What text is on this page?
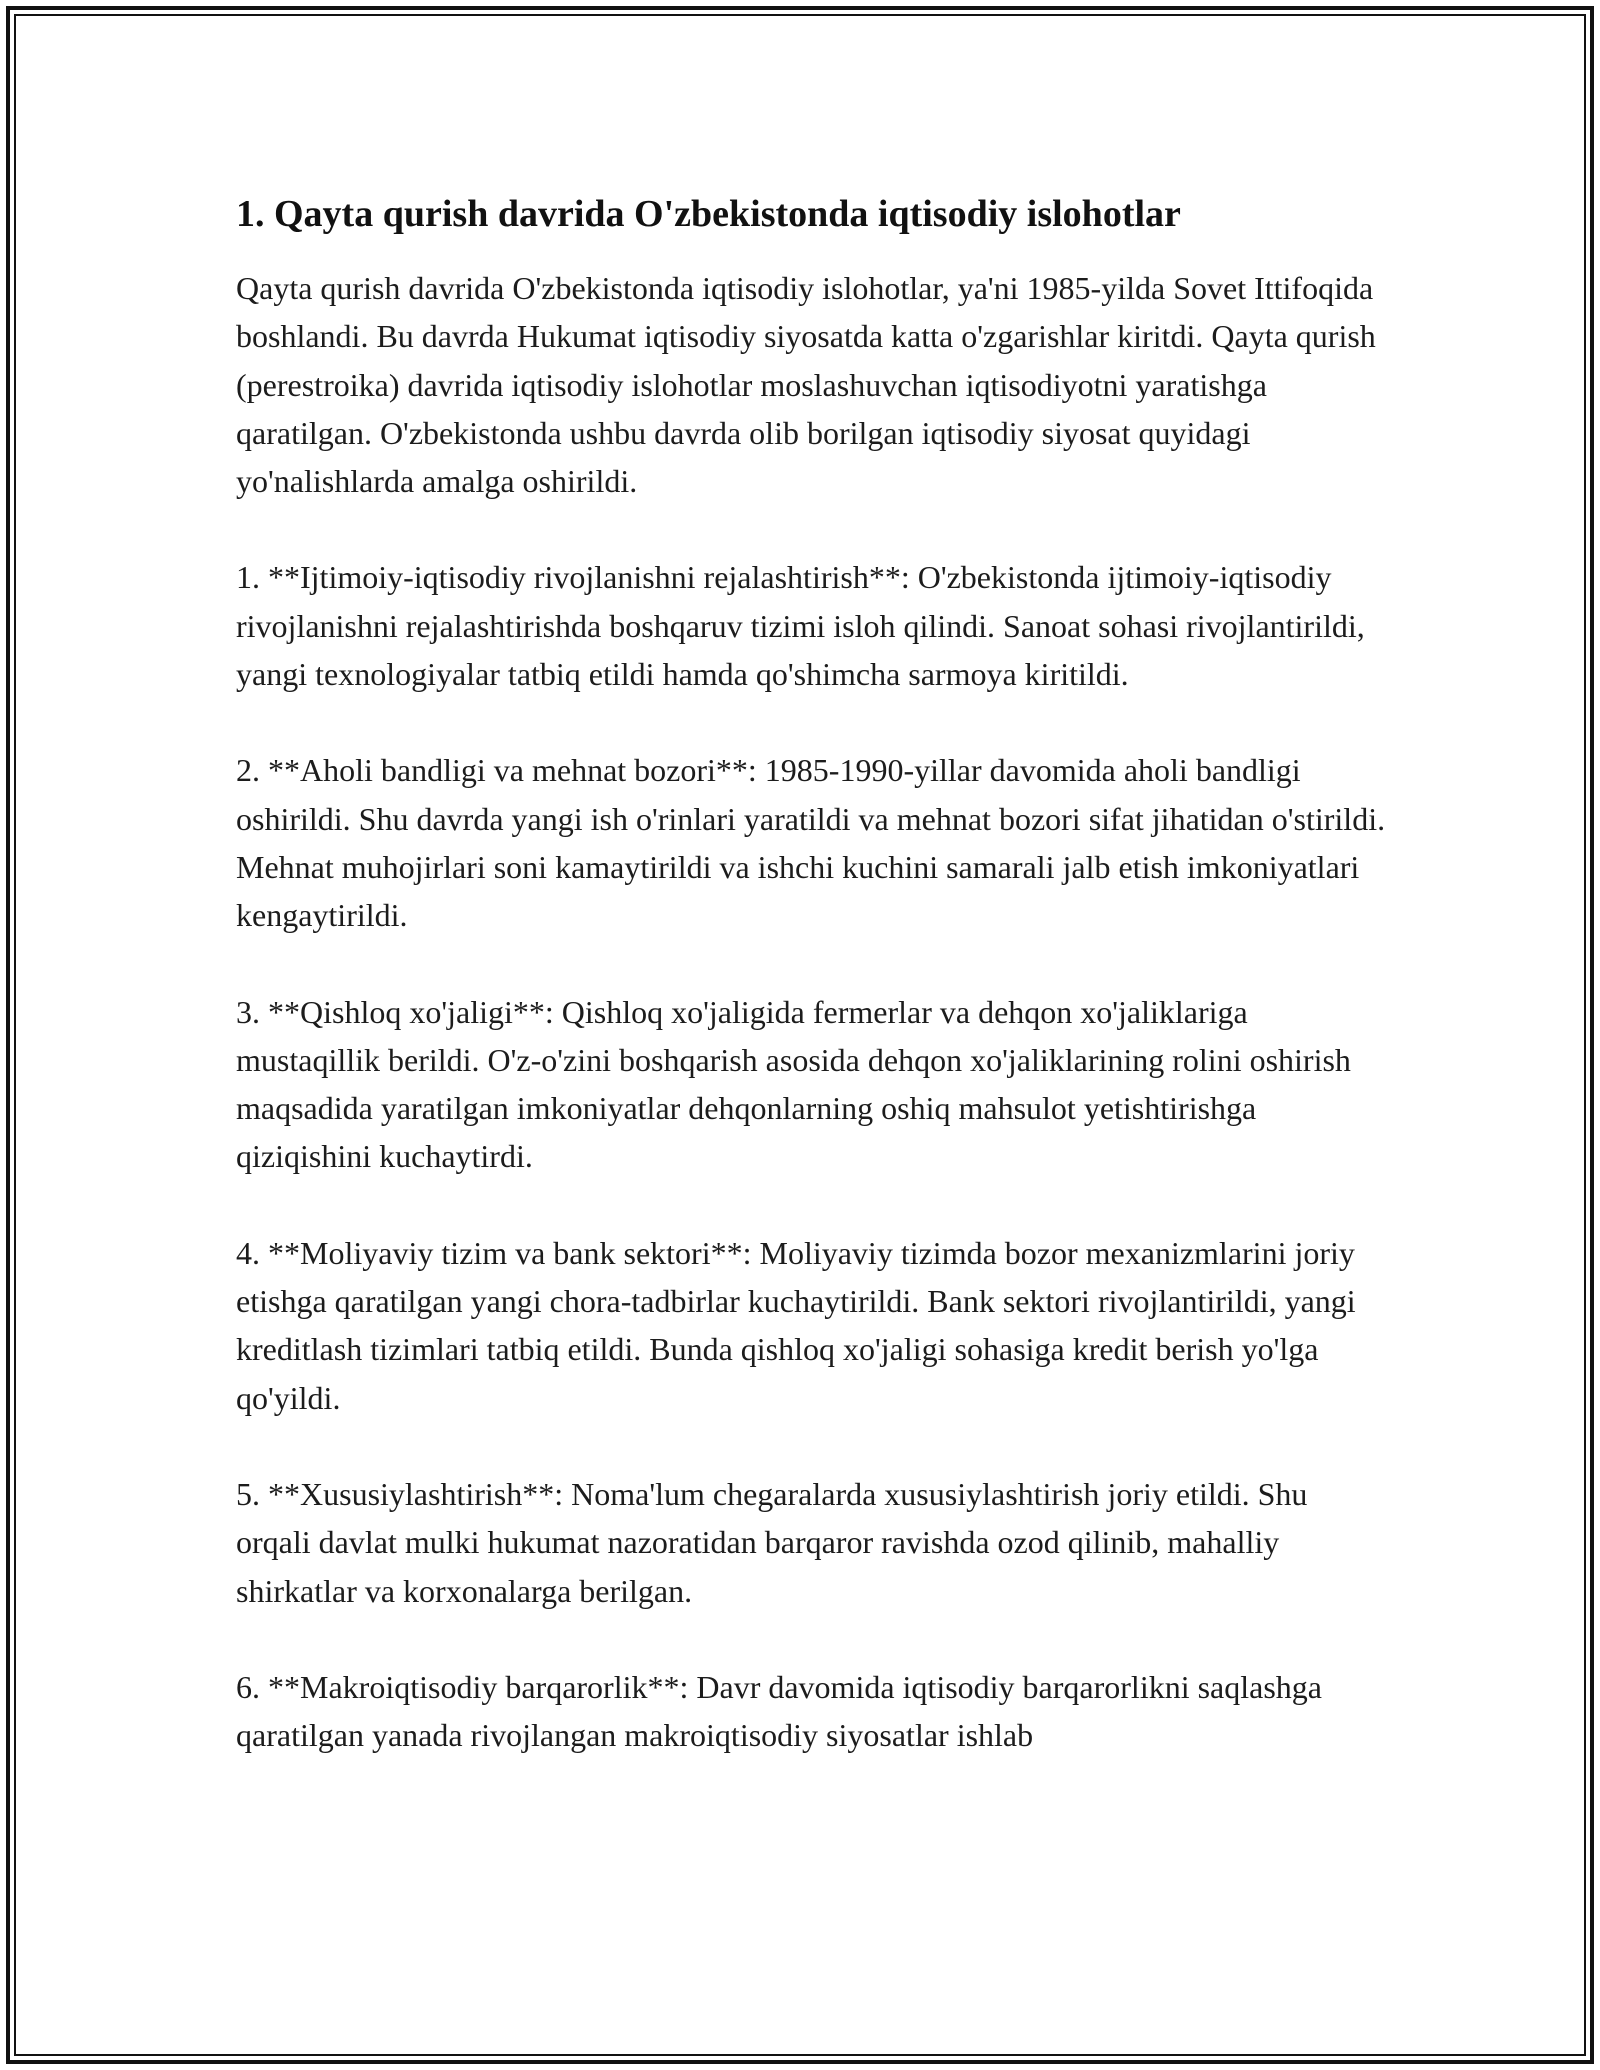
1. Qayta qurish davrida O'zbekistonda iqtisodiy islohotlar

Qayta qurish davrida O'zbekistonda iqtisodiy islohotlar, ya'ni 1985-yilda Sovet Ittifoqida boshlandi. Bu davrda Hukumat iqtisodiy siyosatda katta o'zgarishlar kiritdi. Qayta qurish (perestroika) davrida iqtisodiy islohotlar moslashuvchan iqtisodiyotni yaratishga qaratilgan. O'zbekistonda ushbu davrda olib borilgan iqtisodiy siyosat quyidagi yo'nalishlarda amalga oshirildi.

1. **Ijtimoiy-iqtisodiy rivojlanishni rejalashtirish**: O'zbekistonda ijtimoiy-iqtisodiy rivojlanishni rejalashtirishda boshqaruv tizimi isloh qilindi. Sanoat sohasi rivojlantirildi, yangi texnologiyalar tatbiq etildi hamda qo'shimcha sarmoya kiritildi.

2. **Aholi bandligi va mehnat bozori**: 1985-1990-yillar davomida aholi bandligi oshirildi. Shu davrda yangi ish o'rinlari yaratildi va mehnat bozori sifat jihatidan o'stirildi. Mehnat muhojirlari soni kamaytirildi va ishchi kuchini samarali jalb etish imkoniyatlari kengaytirildi.

3. **Qishloq xo'jaligi**: Qishloq xo'jaligida fermerlar va dehqon xo'jaliklariga mustaqillik berildi. O'z-o'zini boshqarish asosida dehqon xo'jaliklarining rolini oshirish maqsadida yaratilgan imkoniyatlar dehqonlarning oshiq mahsulot yetishtirishga qiziqishini kuchaytirdi.

4. **Moliyaviy tizim va bank sektori**: Moliyaviy tizimda bozor mexanizmlarini joriy etishga qaratilgan yangi chora-tadbirlar kuchaytirildi. Bank sektori rivojlantirildi, yangi kreditlash tizimlari tatbiq etildi. Bunda qishloq xo'jaligi sohasiga kredit berish yo'lga qo'yildi.

5. **Xususiylashtirish**: Noma'lum chegaralarda xususiylashtirish joriy etildi. Shu orqali davlat mulki hukumat nazoratidan barqaror ravishda ozod qilinib, mahalliy shirkatlar va korxonalarga berilgan.

6. **Makroiqtisodiy barqarorlik**: Davr davomida iqtisodiy barqarorlikni saqlashga qaratilgan yanada rivojlangan makroiqtisodiy siyosatlar ishlab
